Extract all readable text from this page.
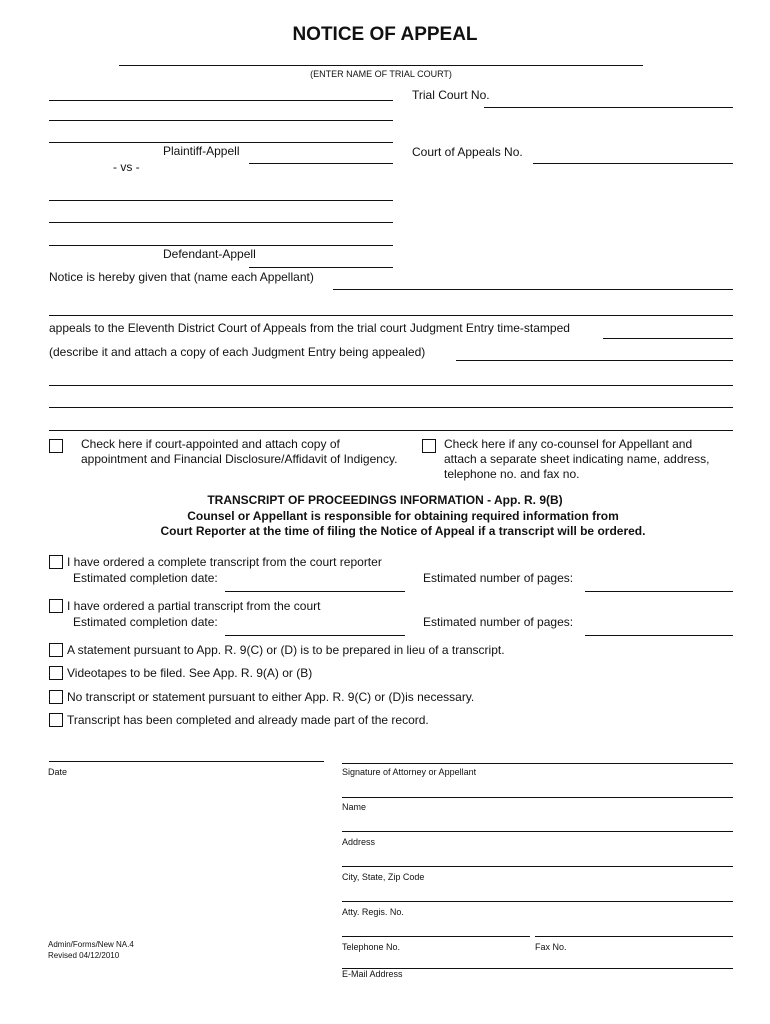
NOTICE OF APPEAL
(ENTER NAME OF TRIAL COURT)
Plaintiff-Appell
- vs -
Trial Court No.
Court of Appeals No.
Defendant-Appell
Notice is hereby given that (name each Appellant)
appeals to the Eleventh District Court of Appeals from the trial court Judgment Entry time-stamped
(describe it and attach a copy of each Judgment Entry being appealed)
Check here if court-appointed and attach copy of
appointment and Financial Disclosure/Affidavit of Indigency.
Check here if any co-counsel for Appellant and
attach a separate sheet indicating name, address,
telephone no. and fax no.
TRANSCRIPT OF PROCEEDINGS INFORMATION - App. R. 9(B)
Counsel or Appellant is responsible for obtaining required information from
Court Reporter at the time of filing the Notice of Appeal if a transcript will be ordered.
I have ordered a complete transcript from the court reporter
Estimated completion date:	Estimated number of pages:
I have ordered a partial transcript from the court
Estimated completion date:	Estimated number of pages:
A statement pursuant to App. R. 9(C) or (D) is to be prepared in lieu of a transcript.
Videotapes to be filed. See App. R. 9(A) or (B)
No transcript or statement pursuant to either App. R. 9(C) or (D)is necessary.
Transcript has been completed and already made part of the record.
Date	Signature of Attorney or Appellant
Name
Address
City, State, Zip Code
Atty. Regis. No.
Telephone No.	Fax No.
E-Mail Address
Admin/Forms/New NA.4
Revised 04/12/2010
